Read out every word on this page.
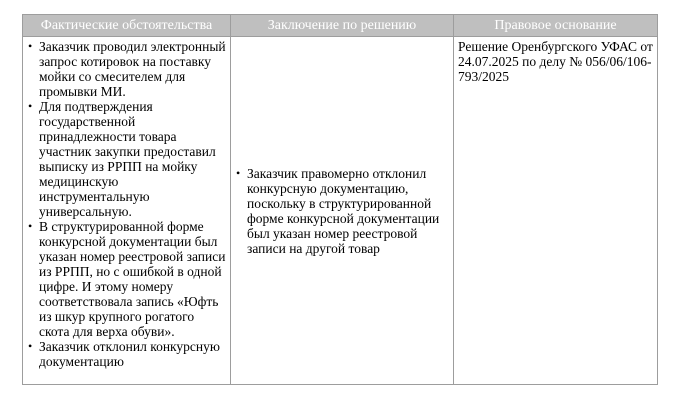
Фактические обстоятельства	Заключение по решению	Правовое основание

• Заказчик проводил электронный запрос котировок на поставку мойки со смесителем для промывки МИ.
• Для подтверждения государственной принадлежности товара участник закупки предоставил выписку из РРПП на мойку медицинскую инструментальную универсальную.
• В структурированной форме конкурсной документации был указан номер реестровой записи из РРПП, но с ошибкой в одной цифре. И этому номеру соответствовала запись «Юфть из шкур крупного рогатого скота для верха обуви».
• Заказчик отклонил конкурсную документацию

• Заказчик правомерно отклонил конкурсную документацию, поскольку в структурированной форме конкурсной документации был указан номер реестровой записи на другой товар

Решение Оренбургского УФАС от 24.07.2025 по делу № 056/06/106-793/2025
